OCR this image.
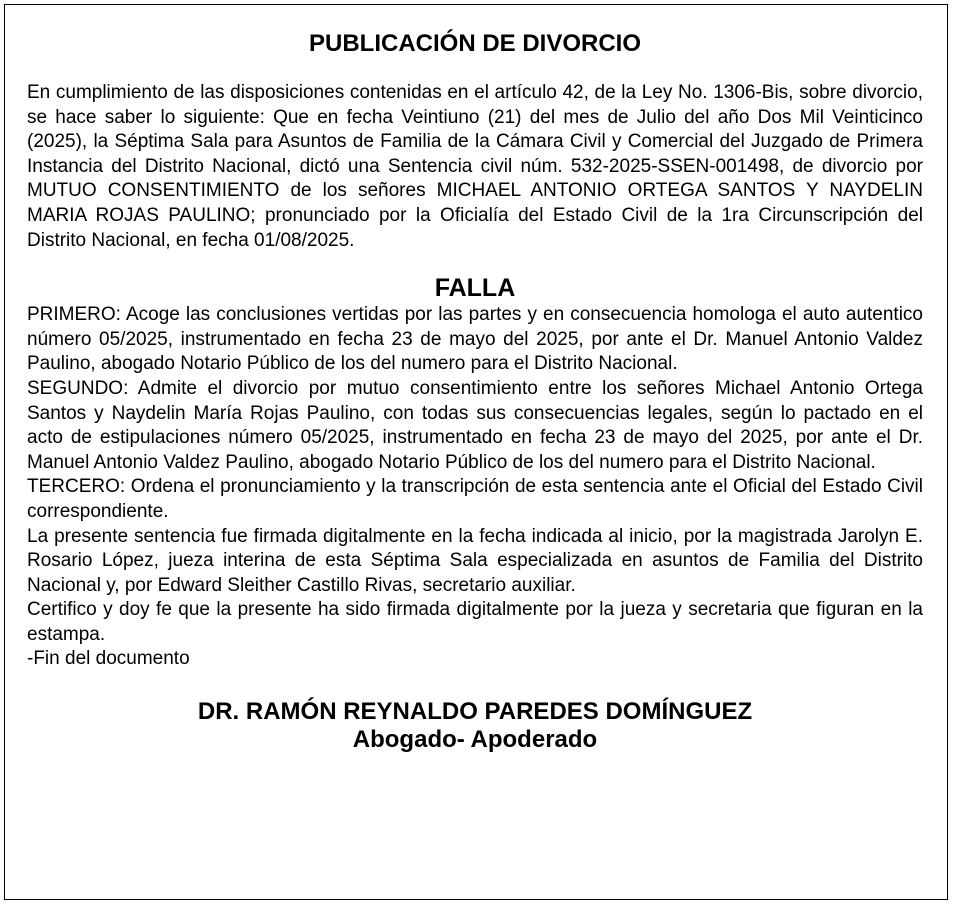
PUBLICACIÓN DE DIVORCIO

En cumplimiento de las disposiciones contenidas en el artículo 42, de la Ley No. 1306-Bis, sobre divorcio, se hace saber lo siguiente: Que en fecha Veintiuno (21) del mes de Julio del año Dos Mil Veinticinco (2025), la Séptima Sala para Asuntos de Familia de la Cámara Civil y Comercial del Juzgado de Primera Instancia del Distrito Nacional, dictó una Sentencia civil núm. 532-2025-SSEN-001498, de divorcio por MUTUO CONSENTIMIENTO de los señores MICHAEL ANTONIO ORTEGA SANTOS Y NAYDELIN MARIA ROJAS PAULINO; pronunciado por la Oficialía del Estado Civil de la 1ra Circunscripción del Distrito Nacional, en fecha 01/08/2025.

FALLA

PRIMERO: Acoge las conclusiones vertidas por las partes y en consecuencia homologa el auto autentico número 05/2025, instrumentado en fecha 23 de mayo del 2025, por ante el Dr. Manuel Antonio Valdez Paulino, abogado Notario Público de los del numero para el Distrito Nacional.

SEGUNDO: Admite el divorcio por mutuo consentimiento entre los señores Michael Antonio Ortega Santos y Naydelin María Rojas Paulino, con todas sus consecuencias legales, según lo pactado en el acto de estipulaciones número 05/2025, instrumentado en fecha 23 de mayo del 2025, por ante el Dr. Manuel Antonio Valdez Paulino, abogado Notario Público de los del numero para el Distrito Nacional.

TERCERO: Ordena el pronunciamiento y la transcripción de esta sentencia ante el Oficial del Estado Civil correspondiente.

La presente sentencia fue firmada digitalmente en la fecha indicada al inicio, por la magistrada Jarolyn E. Rosario López, jueza interina de esta Séptima Sala especializada en asuntos de Familia del Distrito Nacional y, por Edward Sleither Castillo Rivas, secretario auxiliar.

Certifico y doy fe que la presente ha sido firmada digitalmente por la jueza y secretaria que figuran en la estampa.

-Fin del documento

DR. RAMÓN REYNALDO PAREDES DOMÍNGUEZ

Abogado- Apoderado
